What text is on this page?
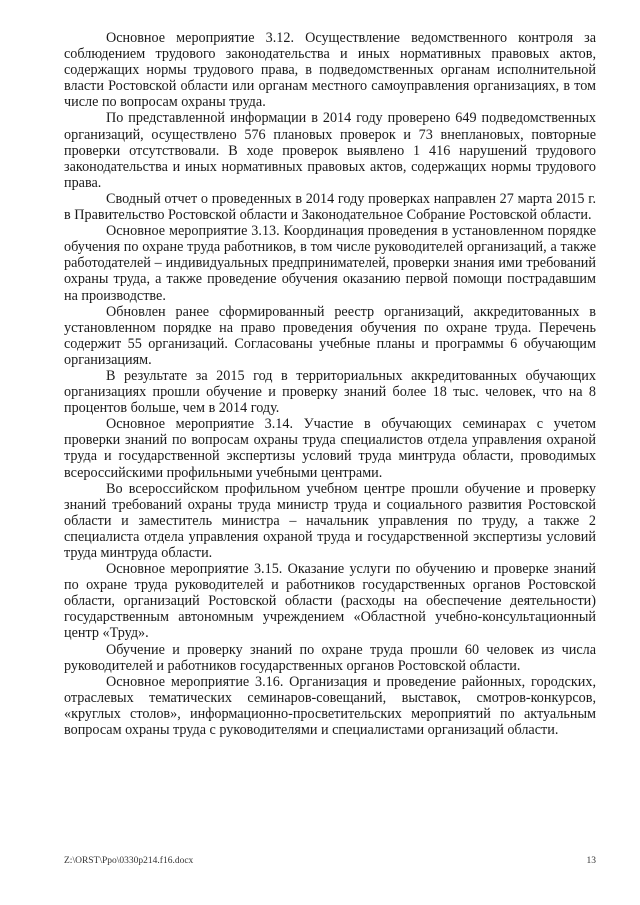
Основное мероприятие 3.12. Осуществление ведомственного контроля за соблюдением трудового законодательства и иных нормативных правовых актов, содержащих нормы трудового права, в подведомственных органам исполнительной власти Ростовской области или органам местного самоуправления организациях, в том числе по вопросам охраны труда.

По представленной информации в 2014 году проверено 649 подведомственных организаций, осуществлено 576 плановых проверок и 73 внеплановых, повторные проверки отсутствовали. В ходе проверок выявлено 1 416 нарушений трудового законодательства и иных нормативных правовых актов, содержащих нормы трудового права.

Сводный отчет о проведенных в 2014 году проверках направлен 27 марта 2015 г. в Правительство Ростовской области и Законодательное Собрание Ростовской области.

Основное мероприятие 3.13. Координация проведения в установленном порядке обучения по охране труда работников, в том числе руководителей организаций, а также работодателей – индивидуальных предпринимателей, проверки знания ими требований охраны труда, а также проведение обучения оказанию первой помощи пострадавшим на производстве.

Обновлен ранее сформированный реестр организаций, аккредитованных в установленном порядке на право проведения обучения по охране труда. Перечень содержит 55 организаций. Согласованы учебные планы и программы 6 обучающим организациям.

В результате за 2015 год в территориальных аккредитованных обучающих организациях прошли обучение и проверку знаний более 18 тыс. человек, что на 8 процентов больше, чем в 2014 году.

Основное мероприятие 3.14. Участие в обучающих семинарах с учетом проверки знаний по вопросам охраны труда специалистов отдела управления охраной труда и государственной экспертизы условий труда минтруда области, проводимых всероссийскими профильными учебными центрами.

Во всероссийском профильном учебном центре прошли обучение и проверку знаний требований охраны труда министр труда и социального развития Ростовской области и заместитель министра – начальник управления по труду, а также 2 специалиста отдела управления охраной труда и государственной экспертизы условий труда минтруда области.

Основное мероприятие 3.15. Оказание услуги по обучению и проверке знаний по охране труда руководителей и работников государственных органов Ростовской области, организаций Ростовской области (расходы на обеспечение деятельности) государственным автономным учреждением «Областной учебно-консультационный центр «Труд».

Обучение и проверку знаний по охране труда прошли 60 человек из числа руководителей и работников государственных органов Ростовской области.

Основное мероприятие 3.16. Организация и проведение районных, городских, отраслевых тематических семинаров-совещаний, выставок, смотров-конкурсов, «круглых столов», информационно-просветительских мероприятий по актуальным вопросам охраны труда с руководителями и специалистами организаций области.

Z:\ORST\Ppo\0330p214.f16.docx	13
